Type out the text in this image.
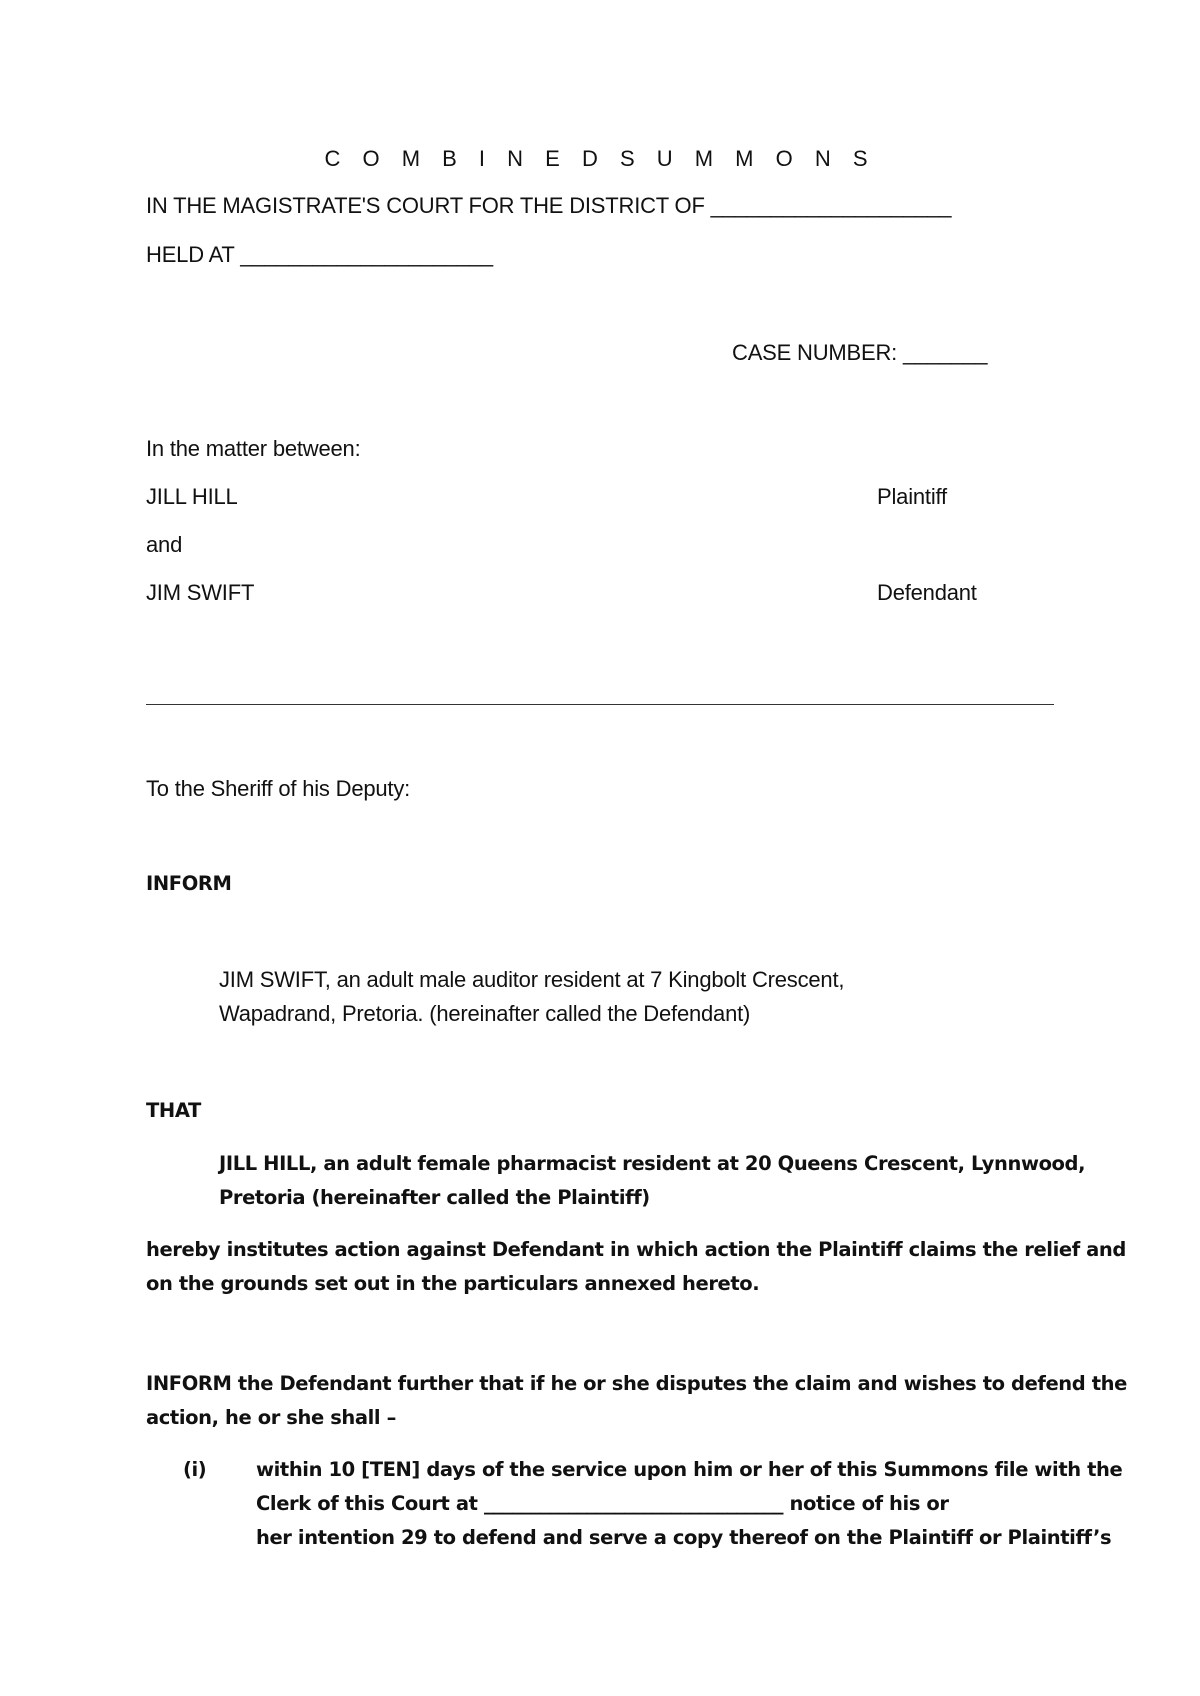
C O M B I N E D S U M M O N S
IN THE MAGISTRATE'S COURT FOR THE DISTRICT OF ____________________
HELD AT _____________________
CASE NUMBER: _______
In the matter between:
JILL HILL	Plaintiff
and
JIM SWIFT	Defendant
To the Sheriff of his Deputy:
INFORM
JIM SWIFT, an adult male auditor resident at 7 Kingbolt Crescent,
Wapadrand, Pretoria. (hereinafter called the Defendant)
THAT
JILL HILL, an adult female pharmacist resident at 20 Queens Crescent, Lynnwood,
Pretoria (hereinafter called the Plaintiff)
hereby institutes action against Defendant in which action the Plaintiff claims the relief and
on the grounds set out in the particulars annexed hereto.
INFORM the Defendant further that if he or she disputes the claim and wishes to defend the
action, he or she shall –
(i)	within 10 [TEN] days of the service upon him or her of this Summons file with the
Clerk of this Court at ________________________________ notice of his or
her intention 29 to defend and serve a copy thereof on the Plaintiff or Plaintiff’s
